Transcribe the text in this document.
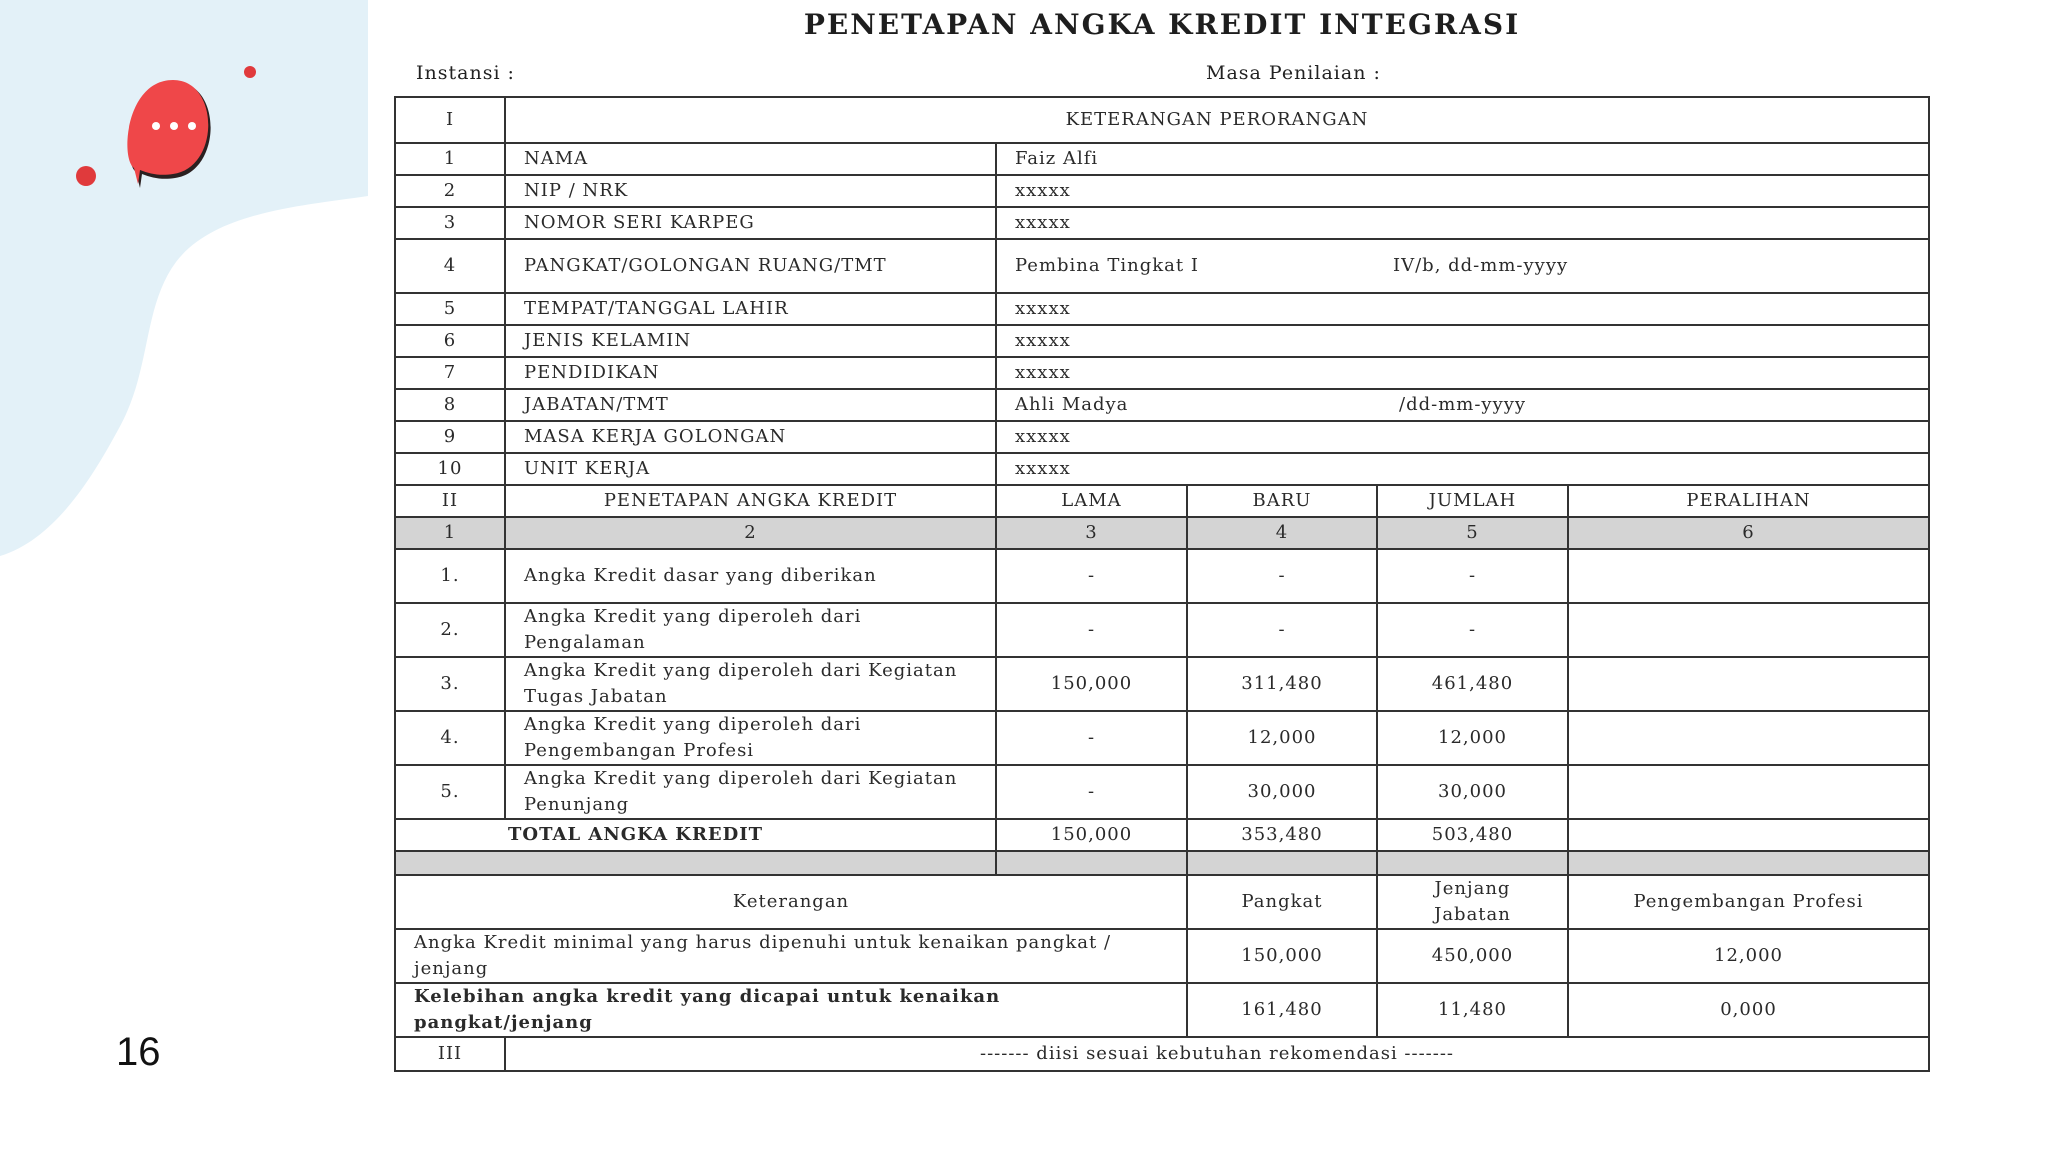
16
PENETAPAN ANGKA KREDIT INTEGRASI
Instansi :	Masa Penilaian :
I	KETERANGAN PERORANGAN				
1	NAMA	Faiz Alfi			
2	NIP / NRK	xxxxx			
3	NOMOR SERI KARPEG	xxxxx			
4	PANGKAT/GOLONGAN RUANG/TMT	Pembina Tingkat I IV/b, dd-mm-yyyy			
5	TEMPAT/TANGGAL LAHIR	xxxxx			
6	JENIS KELAMIN	xxxxx			
7	PENDIDIKAN	xxxxx			
8	JABATAN/TMT	Ahli Madya /dd-mm-yyyy			
9	MASA KERJA GOLONGAN	xxxxx			
10	UNIT KERJA	xxxxx			
II	PENETAPAN ANGKA KREDIT	LAMA	BARU	JUMLAH	PERALIHAN
1	2	3	4	5	6
1.	Angka Kredit dasar yang diberikan	-	-	-	
2.	Angka Kredit yang diperoleh dari Pengalaman	-	-	-	
3.	Angka Kredit yang diperoleh dari Kegiatan Tugas Jabatan	150,000	311,480	461,480	
4.	Angka Kredit yang diperoleh dari Pengembangan Profesi	-	12,000	12,000	
5.	Angka Kredit yang diperoleh dari Kegiatan Penunjang	-	30,000	30,000	
TOTAL ANGKA KREDIT		150,000	353,480	503,480	

Keterangan			Pangkat	Jenjang Jabatan	Pengembangan Profesi
Angka Kredit minimal yang harus dipenuhi untuk kenaikan pangkat / jenjang			150,000	450,000	12,000
Kelebihan angka kredit yang dicapai untuk kenaikan pangkat/jenjang			161,480	11,480	0,000
III	------- diisi sesuai kebutuhan rekomendasi -------				
